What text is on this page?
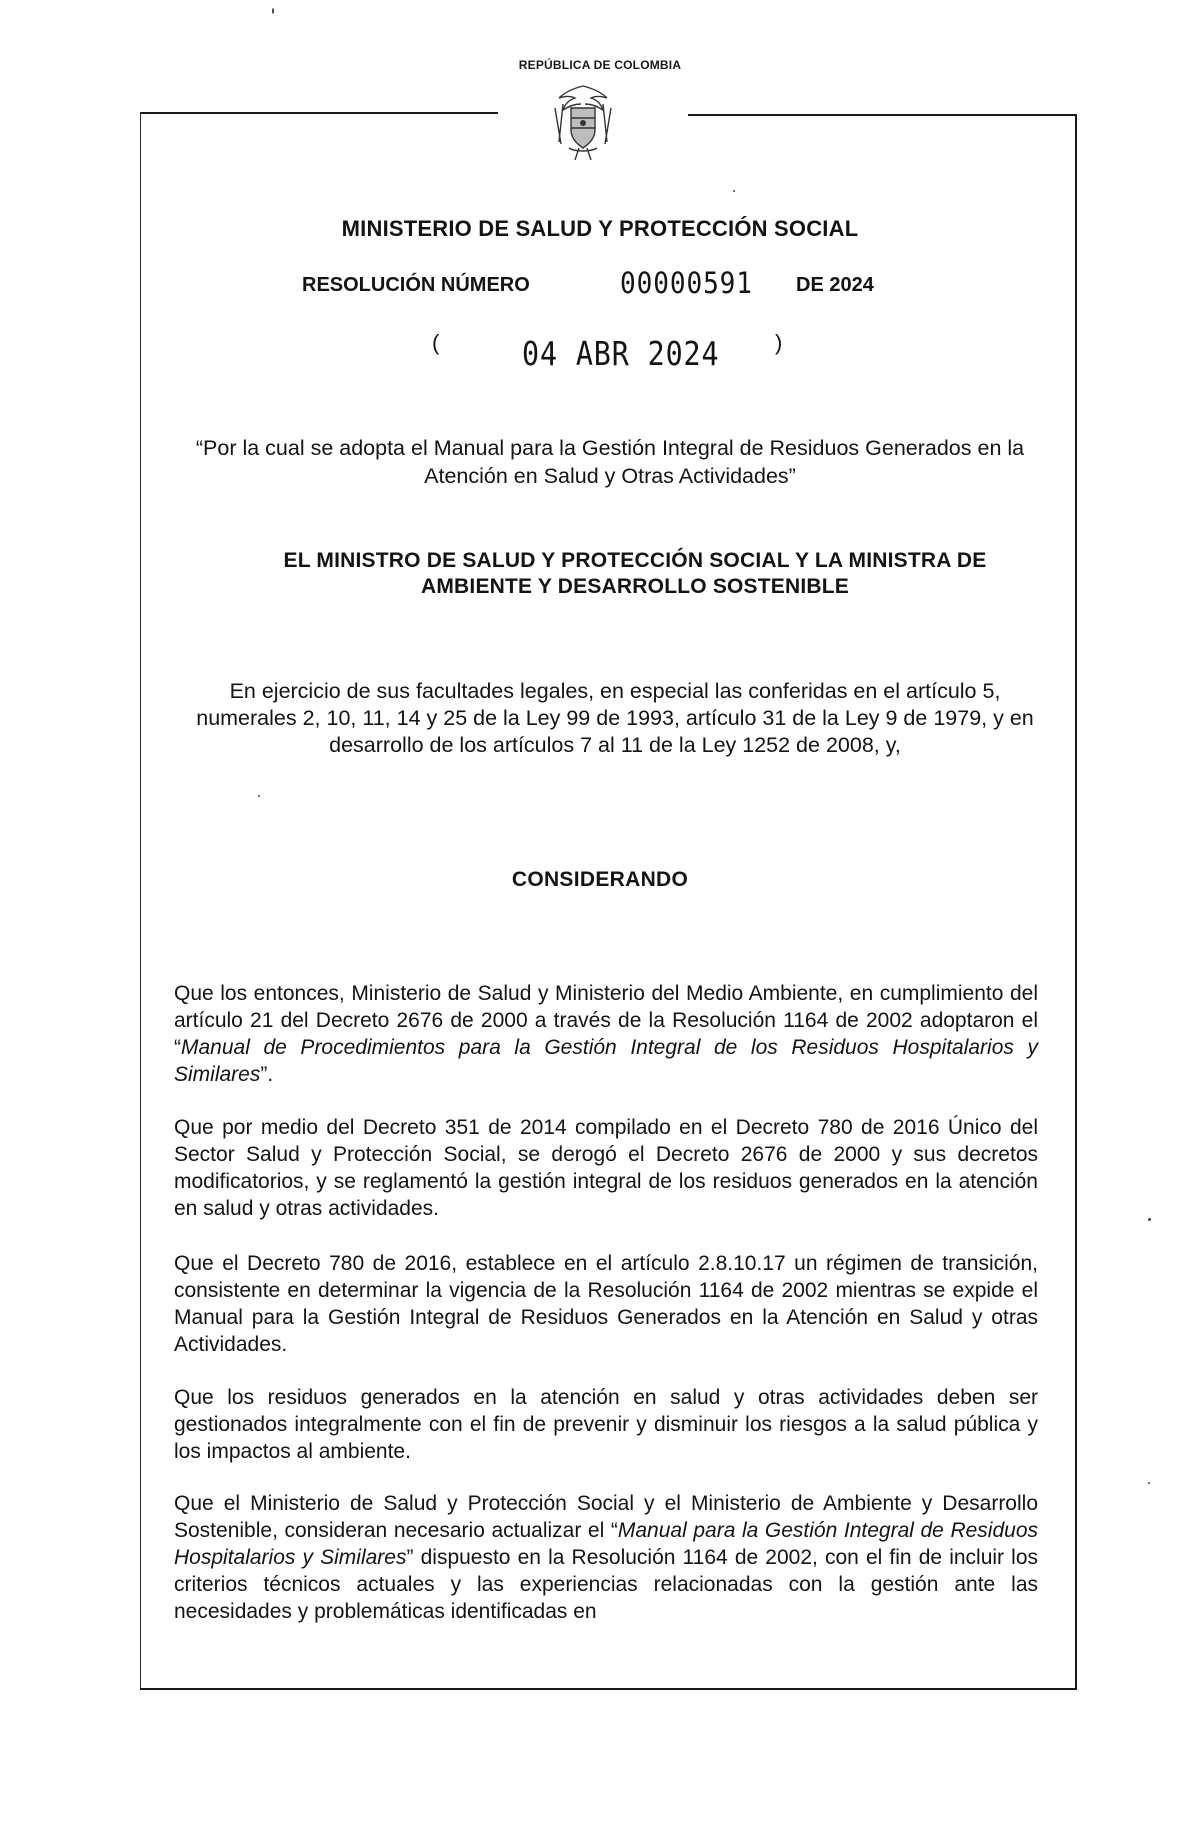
REPÚBLICA DE COLOMBIA
MINISTERIO DE SALUD Y PROTECCIÓN SOCIAL
RESOLUCIÓN NÚMERO	00000591 DE 2024
(	04 ABR 2024	)
“Por la cual se adopta el Manual para la Gestión Integral de Residuos Generados en la Atención en Salud y Otras Actividades”
EL MINISTRO DE SALUD Y PROTECCIÓN SOCIAL Y LA MINISTRA DE
AMBIENTE Y DESARROLLO SOSTENIBLE
En ejercicio de sus facultades legales, en especial las conferidas en el artículo 5, numerales 2, 10, 11, 14 y 25 de la Ley 99 de 1993, artículo 31 de la Ley 9 de 1979, y en desarrollo de los artículos 7 al 11 de la Ley 1252 de 2008, y,
CONSIDERANDO
Que los entonces, Ministerio de Salud y Ministerio del Medio Ambiente, en cumplimiento del artículo 21 del Decreto 2676 de 2000 a través de la Resolución 1164 de 2002 adoptaron el “Manual de Procedimientos para la Gestión Integral de los Residuos Hospitalarios y Similares”.
Que por medio del Decreto 351 de 2014 compilado en el Decreto 780 de 2016 Único del Sector Salud y Protección Social, se derogó el Decreto 2676 de 2000 y sus decretos modificatorios, y se reglamentó la gestión integral de los residuos generados en la atención en salud y otras actividades.
Que el Decreto 780 de 2016, establece en el artículo 2.8.10.17 un régimen de transición, consistente en determinar la vigencia de la Resolución 1164 de 2002 mientras se expide el Manual para la Gestión Integral de Residuos Generados en la Atención en Salud y otras Actividades.
Que los residuos generados en la atención en salud y otras actividades deben ser gestionados integralmente con el fin de prevenir y disminuir los riesgos a la salud pública y los impactos al ambiente.
Que el Ministerio de Salud y Protección Social y el Ministerio de Ambiente y Desarrollo Sostenible, consideran necesario actualizar el “Manual para la Gestión Integral de Residuos Hospitalarios y Similares” dispuesto en la Resolución 1164 de 2002, con el fin de incluir los criterios técnicos actuales y las experiencias relacionadas con la gestión ante las necesidades y problemáticas identificadas en
